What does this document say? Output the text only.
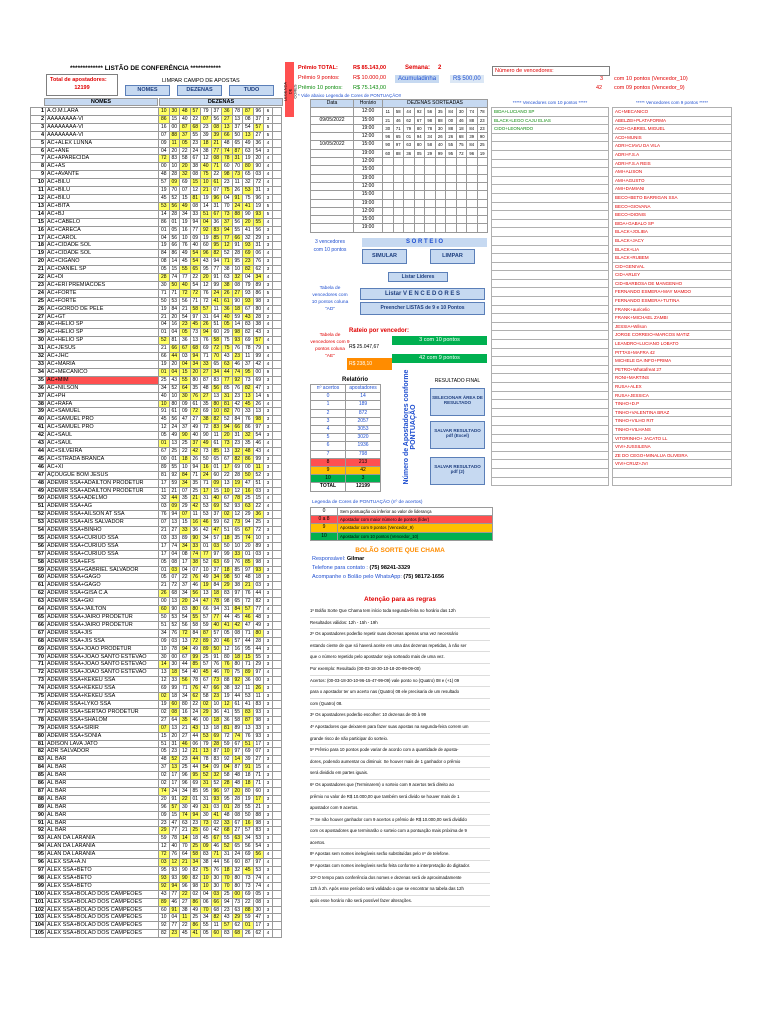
************* LISTÃO DE CONFERÊNCIA ************
Total de apostadores:
12199
LIMPAR CAMPO DE APOSTAS
NOMES	DEZENAS	TUDO
NOMES	DEZENAS
LEGENDA DE CORES
1	A.O.M.LARA	10	30	48	57	79	37	36	78	87	96	6	
2	AAAAAAAA-VI	86	15	40	22	07	56	27	13	08	37	3	
3	AAAAAAAA-VI	16	00	87	68	23	08	13	37	54	57	5	
4	AAAAAAAA-VI	07	88	37	55	39	39	66	50	13	27	5	
5	AC+ALEX LUNNA	09	11	05	23	18	21	48	65	49	36	4	
6	AC+ANE	04	20	22	24	38	77	74	87	63	54	3	
7	AC+APARECIDA	72	83	58	67	12	08	78	31	19	20	4	
8	AC+AS	00	10	20	38	40	71	60	70	80	90	4	
9	AC+AVANTE	48	28	32	08	75	22	98	73	65	03	4	
10	AC+BILU	57	09	69	15	10	61	23	11	32	72	4	
11	AC+BILU	19	70	07	12	21	07	75	26	53	31	3	
12	AC+BILU	45	52	15	81	19	96	04	91	75	96	3	
13	AC+BITA	53	56	49	08	14	31	70	24	41	19	5	
14	AC+BJ	14	28	34	33	51	67	73	88	90	93	5	
15	AC+CABELO	86	01	19	94	04	36	37	56	20	55	4	
16	AC+CARECA	01	05	16	77	92	83	94	55	41	56	3	
17	AC+CAROL	04	56	10	09	19	85	77	66	32	29	3	
18	AC+CIDADE SOL	19	66	76	40	60	95	12	91	93	31	3	
19	AC+CIDADE SOL	84	86	49	54	96	82	52	28	69	06	4	
20	AC+CIGANO	08	14	45	54	43	94	71	95	23	76	3	
21	AC+DANIEL SP	05	15	55	65	95	77	38	10	82	62	3	
22	AC+DI	28	74	77	22	20	91	63	32	04	34	4	
23	AC+ERI PREMIACOES	30	50	40	54	12	99	38	08	79	89	3	
24	AC+FORTE	71	71	72	72	76	24	26	27	93	86	5	
25	AC+FORTE	50	53	56	71	72	41	61	90	93	98	3	
26	AC+GORDO DE PELÉ	19	84	21	58	57	11	36	18	67	80	4	
27	AC+GT	21	20	54	97	31	64	40	59	43	28	2	
28	AC+HELIO SP	04	16	23	45	26	51	05	14	83	38	4	
29	AC+HELIO SP	01	04	05	73	94	60	29	98	82	43	3	
30	AC+HELIO SP	52	81	36	13	76	58	75	93	69	57	4	
31	AC+JESUS	21	66	67	68	69	72	75	76	78	79	5	
32	AC+JHC	66	44	03	94	71	70	43	23	11	99	4	
33	AC+MARIA	19	20	04	34	33	65	63	46	37	42	4	
34	AC+MECANICO	01	04	15	20	27	34	44	74	95	00	9	
35	AC+MIM	25	43	55	80	87	83	77	92	73	69	3	
36	AC+NILSON	34	52	64	35	48	56	85	76	82	47	3	
37	AC+PH	40	10	30	76	27	13	31	23	13	14	5	
38	AC+RAFA	10	80	09	61	35	80	81	42	45	26	4	
39	AC+SAMUEL	91	61	09	72	69	10	82	70	33	13	3	
40	AC+SAMUEL PRO	45	56	47	27	38	82	52	84	76	98	3	
41	AC+SAMUEL PRO	12	24	37	49	72	83	94	66	86	97	3	
42	AC+SAUL	05	49	90	40	90	11	20	31	32	54	3	
43	AC+SAUL	01	13	25	37	49	61	73	23	35	46	4	
44	AC+SILVEIRA	67	25	22	42	73	85	13	32	48	43	4	
45	AC+STRADA BRANCA	00	01	18	26	50	65	67	82	86	99	3	
46	AC+XI	89	55	10	94	16	01	17	69	00	11	3	
47	AÇOUGUE BOM JESUS	81	92	84	71	24	60	22	28	50	52	3	
48	ADEMIR SSA+ADAILTON PRODETUR	17	59	34	35	71	09	13	19	47	51	3	
49	ADEMIR SSA+ADAILTON PRODETUR	11	21	07	25	17	15	10	12	16	03	3	
50	ADEMIR SSA+ADELMO	32	44	35	21	31	40	67	78	25	15	4	
51	ADEMIR SSA+AG	03	09	29	42	53	69	52	93	63	22	4	
52	ADEMIR SSA+AILSON AT SSA	76	94	07	11	53	37	02	12	29	36	3	
53	ADEMIR SSA+AIS SALVADOR	07	13	15	16	46	59	62	73	94	25	3	
54	ADEMIR SSA+BINHO	21	27	33	36	42	47	51	65	67	72	3	
55	ADEMIR SSA+CURIUO SSA	03	33	89	90	34	57	18	35	74	10	3	
56	ADEMIR SSA+CURIUO SSA	17	74	34	33	01	03	50	10	20	89	3	
57	ADEMIR SSA+CURIUO SSA	17	04	08	74	77	97	99	33	01	03	3	
58	ADEMIR SSA+EFS	05	08	17	38	52	63	69	76	85	98	3	
59	ADEMIR SSA+GABRIEL SALVADOR	01	03	04	07	10	37	18	85	97	93	3	
60	ADEMIR SSA+GAGO	05	07	22	76	49	34	98	50	48	18	3	
61	ADEMIR SSA+GAGO	21	72	37	46	19	84	29	38	21	03	3	
62	ADEMIR SSA+GISA C.A	26	68	34	56	13	18	83	97	76	44	3	
63	ADEMIR SSA+GKI	00	13	20	24	47	78	98	65	72	82	3	
64	ADEMIR SSA+JAILTON	60	90	83	80	66	94	31	84	57	77	4	
65	ADEMIR SSA+JAIRO PRODETUR	50	53	54	55	57	77	44	45	46	48	3	
66	ADEMIR SSA+JAIRO PRODETUR	51	52	56	58	59	40	41	42	47	49	3	
67	ADEMIR SSA+JIS	34	76	72	84	87	57	05	08	71	80	3	
68	ADEMIR SSA+JIS SSA	09	03	13	72	89	20	46	57	44	28	3	
69	ADEMIR SSA+JOAO PRODETUR	10	78	94	49	89	50	12	16	95	44	3	
70	ADEMIR SSA+JOAO SANTO ESTEVAO	30	00	67	99	25	91	80	18	15	55	3	
71	ADEMIR SSA+JOAO SANTO ESTEVAO	14	30	44	85	57	76	76	80	71	29	3	
72	ADEMIR SSA+JOAO SANTO ESTEVAO	13	18	54	40	45	46	70	75	89	97	4	
73	ADEMIR SSA+KEKEU SSA	12	33	56	78	67	73	88	92	36	00	3	
74	ADEMIR SSA+KEKEU SSA	69	99	71	76	47	66	38	32	11	26	3	
75	ADEMIR SSA+KEKEU SSA	02	18	34	62	58	23	19	44	53	11	3	
76	ADEMIR SSA+LYKO SSA	19	60	80	22	02	10	12	61	41	83	3	
77	ADEMIR SSA+SERTAO PRODETUR	02	08	16	24	29	36	41	55	83	93	3	
78	ADEMIR SSA+SHALOM	27	64	35	46	00	18	36	58	87	98	3	
79	ADEMIR SSA+SIRIR	07	13	21	43	13	18	81	89	13	33	3	
80	ADEMIR SSA+SONIA	15	20	27	44	53	69	72	74	76	93	3	
81	ADISON LAVA JATO	51	31	46	06	79	28	59	67	51	17	3	
82	ADR SALVADOR	05	23	12	21	13	87	10	97	69	07	3	
83	AL BAR	48	52	23	44	78	83	92	14	39	27	3	
84	AL BAR	37	13	25	44	54	09	04	87	91	15	4	
85	AL BAR	02	17	96	95	52	32	58	48	18	71	3	
86	AL BAR	02	17	96	69	31	52	28	48	18	71	3	
87	AL BAR	74	24	34	85	95	96	97	20	80	60	3	
88	AL BAR	20	91	22	01	31	93	95	28	19	17	3	
89	AL BAR	96	57	30	49	31	03	01	28	55	21	3	
90	AL BAR	09	15	74	94	30	41	48	08	50	88	3	
91	AL BAR	23	47	63	23	73	02	33	67	16	98	3	
92	AL BAR	29	77	21	25	60	42	68	27	57	83	3	
93	ALAN DA LARANIA	59	78	14	18	45	67	55	63	34	53	3	
94	ALAN DA LARANIA	12	40	70	25	09	46	52	65	56	54	3	
95	ALAN DA LARANIA	72	76	64	58	83	71	31	24	69	56	4	
96	ALEX SSA+A.N	03	12	21	34	38	44	56	60	87	97	4	
97	ALEX SSA+BETO	95	93	90	82	75	76	18	32	45	53	3	
98	ALEX SSA+BETO	93	93	90	82	10	30	70	80	73	74	4	
99	ALEX SSA+BETO	92	94	96	98	10	30	70	80	73	74	4	
100	ALEX SSA+BOLÃO DOS CAMPEOES	43	77	22	02	04	03	25	00	69	05	3	
101	ALEX SSA+BOLÃO DOS CAMPEOES	89	46	27	86	06	66	94	73	22	08	3	
102	ALEX SSA+BOLÃO DOS CAMPEOES	60	91	38	49	70	68	23	63	88	30	3	
103	ALEX SSA+BOLÃO DOS CAMPEOES	10	04	11	25	34	82	43	29	59	47	3	
104	ALEX SSA+BOLÃO DOS CAMPEOES	92	77	22	86	55	11	57	62	01	17	3	
105	ALEX SSA+BOLÃO DOS CAMPEOES	82	23	45	41	05	60	83	68	26	62	4	
Prêmio TOTAL:	R$ 85.143,00
Prêmio 9 pontos: R$ 10.000,00
Prêmio 10 pontos: R$ 75.143,00
* Vide abaixo Legenda de Cores de PONTUAÇÃO!!
Semana: 2
Acumuladinha	R$ 500,00
Número de vencedores:
3 com 10 pontos (Vencedor_10)
42 com 09 pontos (Vencedor_9)
Data	Horário	DEZENAS SORTEADAS									
	12:00	11	58	44	92	56	35	84	30	74	78
09/05/2022	15:00	21	46	62	67	98	88	00	46	88	23
	19:00	30	71	79	80	78	30	88	18	84	23
	12:00	96	65	01	94	34	26	26	68	39	90
10/05/2022	15:00	90	97	63	80	58	40	55	75	84	25
	19:00	60	88	36	05	29	99	95	72	96	19
	12:00										
	15:00										
	19:00										
	12:00										
	15:00										
	19:00										
	12:00										
	15:00										
	19:00										
***** Vencedores com 10 pontos *****
BIDA+LUCIANO SP
BLACK+LEGO CAJU ELIAS
CIDO+LEONARDO

***** Vencedores com 9 pontos *****
AC+MECANICO
ABELZEI+PLATAFORMA
ACD+GABRIEL MIGUEL
ACD+MUNIS
ADRI+CIAVU DA VILA
ADRI+F.S.A
ADRI+F.S.A REIS
AMI+ALISON
AMI+AGUSTO
AMI+DAMIANI
BECO+BETO BARRIGAN SSA
BECO+GIOVANA
BECO+DIONIS
BIDA+GABALO SP
BLACK+JOLIBA
BLACK+JACY
BLACK+LIA
BLACK+RUBEM
CID+GENIVAL
CID+ARLEY
CID+BARBOSA DE MANGENHO
FERNANDO ESMERA+MAY MAMDO
FERNANDO ESMERA+TUTINA
FRANK+auricelio
FRANK+MICHAEL ZAMBI
JESSIA+Wilson
JORGE CORREIO+MARCOS MATIZ
LEANDRO+LUCIANO LOBATO
PITTAS+MAFRA 42
MICHELE DA INFO+PRIMA
PETRO+Whatafreat 27
RONI+MARTINS
RUSA+ALEX
RUSA+JESSICA
TINHO+D.P
TINHO+VALENTINA BRAZ
TINHO+VILHO RIT
TINHO+VILHANS
VITORINHO+ JACATO LL
VIVI+JUSSILENA
ZE DO CEGO+MINALUA OLIVEIRA
VIVI+CRUZ+JVI

3 vencedores com 10 pontos
S O R T E I O
SIMULAR	LIMPAR
Listar Líderes
Tabela de vencedores com 10 pontos coluna "AD"
Listar V E N C E D O R E S
Preencher LISTAS de 9 e 10 Pontos
Tabela de vencedores com 9 pontos coluna "AE"
Rateio por vencedor:
R$ 25.047,67
3 com 10 pontos
R$ 238,10
42 com 9 pontos
Relatório
nº acertos	apostadores
0	14
1	189
2	872
3	2057
4	3053
5	3020
6	1936
7	798
8	213
9	42
10	3
TOTAL	12199
Número de Apostadores conforme PONTUAÇÃO
RESULTADO FINAL
SELECIONAR ÁREA DE RESULTADO
SALVAR RESULTADO pdf (Excel)
SALVAR RESULTADO pdf (2)
Legenda de Cores de PONTUAÇÃO (nº de acertos)
0	Sem pontuação ou inferior ao valor de liderança
0 a 8	Apostador com maior número de pontos (líder)
9	Apostador com 9 pontos (Vencedor_9)
10	Apostador com 10 pontos (Vencedor_10)
BOLÃO SORTE QUE CHAMA
Responsável: Gilmar
Telefone para contato : (75) 98241-3329
Acompanhe o Bolão pelo WhatsApp: (75) 98172-1656
Atenção para as regras
1º Bolão Sorte Que Chama tem início toda segunda-feira no horário das 12h
Resultados válidos: 12h - 15h - 19h
2º Os apostadores poderão repetir suas dezenas apenas uma vez necessário
estando ciente de que só haverá aceite em uma das dezenas repetidas, à não ser
que o número repetido pelo apostador seja sorteado mais de uma vez.
Por exemplo: Resultado (00-03-18-30-10-18-20-99-09-00)
Acertos: (00-03-18-30-10-96-15-47-99-09) vale ponto no (Quatro) 08 e (+1) 09
para o apostador ter um acerto nas (Quatro) 08 ele precisaria de um resultado
com (Quatro) 08.
3º Os apostadores poderão escolher: 10 dezenas de 00 à 99
4º Apostadores que deixarem para fazer suas apostas na segunda-feira correm um
grande risco de não participar do sorteio.
5º Prêmio para 10 pontos pode variar de acordo com a quantidade de aposta-
dores, podendo aumentar ou diminuir. Se houver mais de 1 ganhador o prêmio
será dividido em partes iguais.
6º Os apostadores que (Terminarem) o sorteio com 9 acertos terá direito ao
prêmio no valor de R$ 10.000,00 que também será divido se houver mais de 1
apostador com 9 acertos.
7º Se não houver ganhador com 9 acertos o prêmio de R$ 10.000,00 será dividido
com os apostadores que terminarão o sorteio com a pontuação mais próxima de 9
acertos.
8º Apostas sem nomes inelegíveis serão substituídas pelo nº de telefone.
9º Apostas com nomes inelegíveis serão feita conforme a interpretação do digitador.
10º O tempo para conferência dos nomes e dezenas será de aproximadamente
12h à 2h. Após esse período será validado o que se encontrar na tabela das 12h
após esse horário não será possível fazer alterações.
